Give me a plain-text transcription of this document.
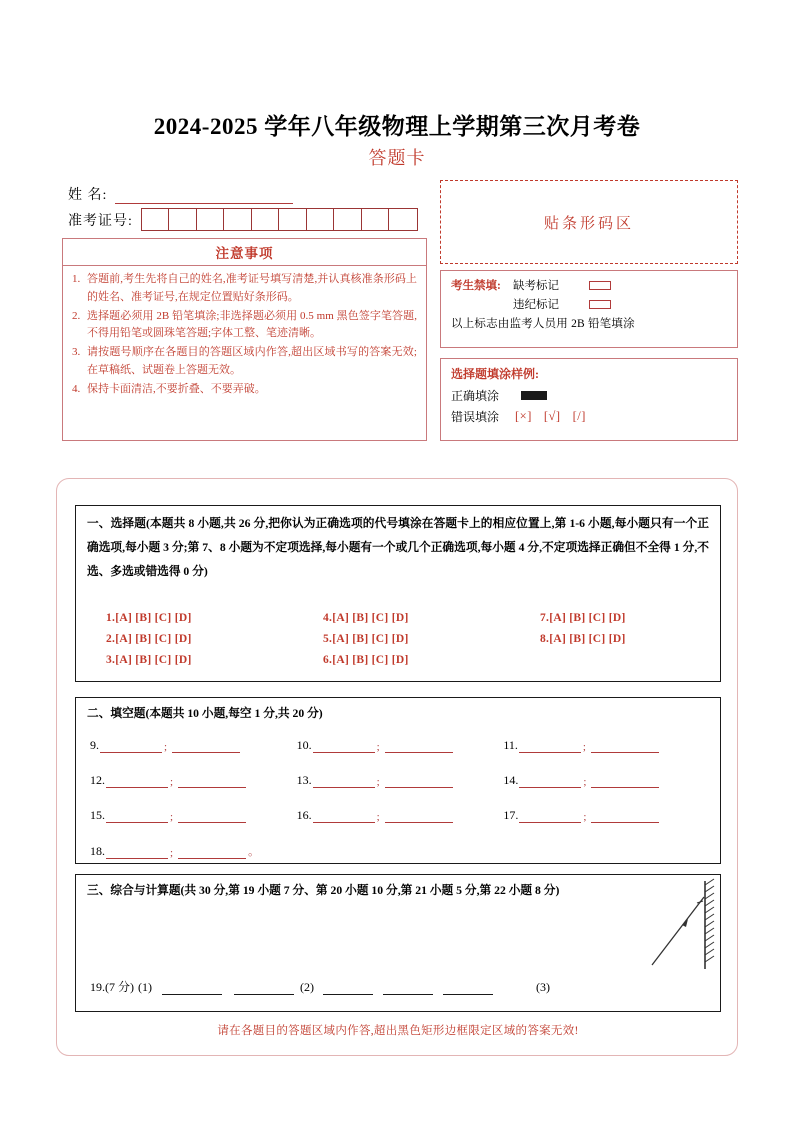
2024-2025 学年八年级物理上学期第三次月考卷
答题卡
姓 名:
准考证号:
注意事项
1. 答题前,考生先将自己的姓名,准考证号填写清楚,并认真核准条形码上的姓名、准考证号,在规定位置贴好条形码。
2. 选择题必须用 2B 铅笔填涂;非选择题必须用 0.5 mm 黑色签字笔答题,不得用铅笔或圆珠笔答题;字体工整、笔迹清晰。
3. 请按题号顺序在各题目的答题区域内作答,超出区域书写的答案无效;在草稿纸、试题卷上答题无效。
4. 保持卡面清洁,不要折叠、不要弄破。
贴条形码区
考生禁填:	缺考标记
违纪标记
以上标志由监考人员用 2B 铅笔填涂
选择题填涂样例:
正确填涂
错误填涂	[×] [√] [/]
一、选择题(本题共 8 小题,共 26 分,把你认为正确选项的代号填涂在答题卡上的相应位置上,第 1-6 小题,每小题只有一个正确选项,每小题 3 分;第 7、8 小题为不定项选择,每小题有一个或几个正确选项,每小题 4 分,不定项选择正确但不全得 1 分,不选、多选或错选得 0 分)
1.[A] [B] [C] [D]
2.[A] [B] [C] [D]
3.[A] [B] [C] [D]
4.[A] [B] [C] [D]
5.[A] [B] [C] [D]
6.[A] [B] [C] [D]
7.[A] [B] [C] [D]
8.[A] [B] [C] [D]
二、填空题(本题共 10 小题,每空 1 分,共 20 分)
9.	;	10.	;	11.	;
12.	;	13.	;	14.	;
15.	;	16.	;	17.	;
18.	;	。
三、综合与计算题(共 30 分,第 19 小题 7 分、第 20 小题 10 分,第 21 小题 5 分,第 22 小题 8 分)
19.(7 分) (1)	(2)	(3)
请在各题目的答题区域内作答,超出黑色矩形边框限定区域的答案无效!
